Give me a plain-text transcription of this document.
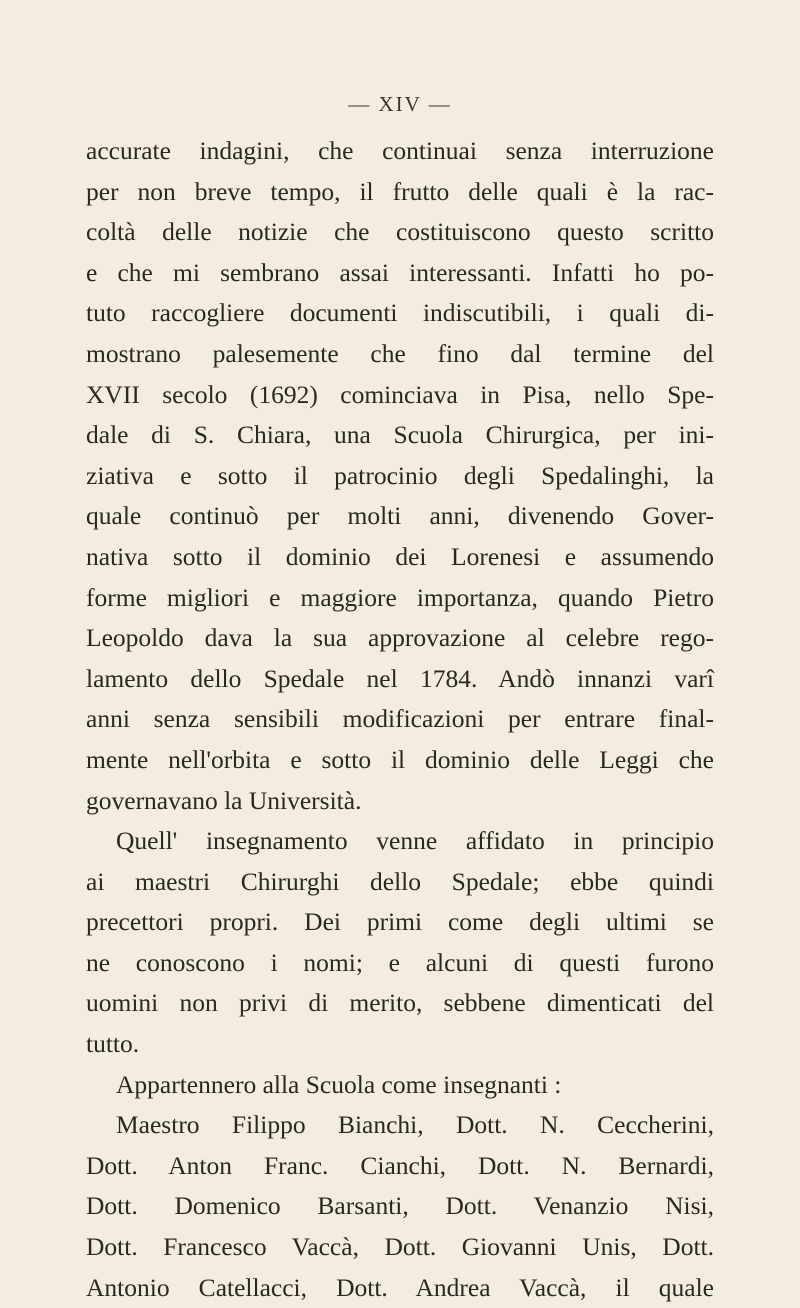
— XIV —
accurate indagini, che continuai senza interruzione
per non breve tempo, il frutto delle quali è la rac-
coltà delle notizie che costituiscono questo scritto
e che mi sembrano assai interessanti. Infatti ho po-
tuto raccogliere documenti indiscutibili, i quali di-
mostrano palesemente che fino dal termine del
XVII secolo (1692) cominciava in Pisa, nello Spe-
dale di S. Chiara, una Scuola Chirurgica, per ini-
ziativa e sotto il patrocinio degli Spedalinghi, la
quale continuò per molti anni, divenendo Gover-
nativa sotto il dominio dei Lorenesi e assumendo
forme migliori e maggiore importanza, quando Pietro
Leopoldo dava la sua approvazione al celebre rego-
lamento dello Spedale nel 1784. Andò innanzi varî
anni senza sensibili modificazioni per entrare final-
mente nell'orbita e sotto il dominio delle Leggi che
governavano la Università.
Quell' insegnamento venne affidato in principio
ai maestri Chirurghi dello Spedale; ebbe quindi
precettori propri. Dei primi come degli ultimi se
ne conoscono i nomi; e alcuni di questi furono
uomini non privi di merito, sebbene dimenticati del
tutto.
Appartennero alla Scuola come insegnanti :
Maestro Filippo Bianchi, Dott. N. Ceccherini,
Dott. Anton Franc. Cianchi, Dott. N. Bernardi,
Dott. Domenico Barsanti, Dott. Venanzio Nisi,
Dott. Francesco Vaccà, Dott. Giovanni Unis, Dott.
Antonio Catellacci, Dott. Andrea Vaccà, il quale
